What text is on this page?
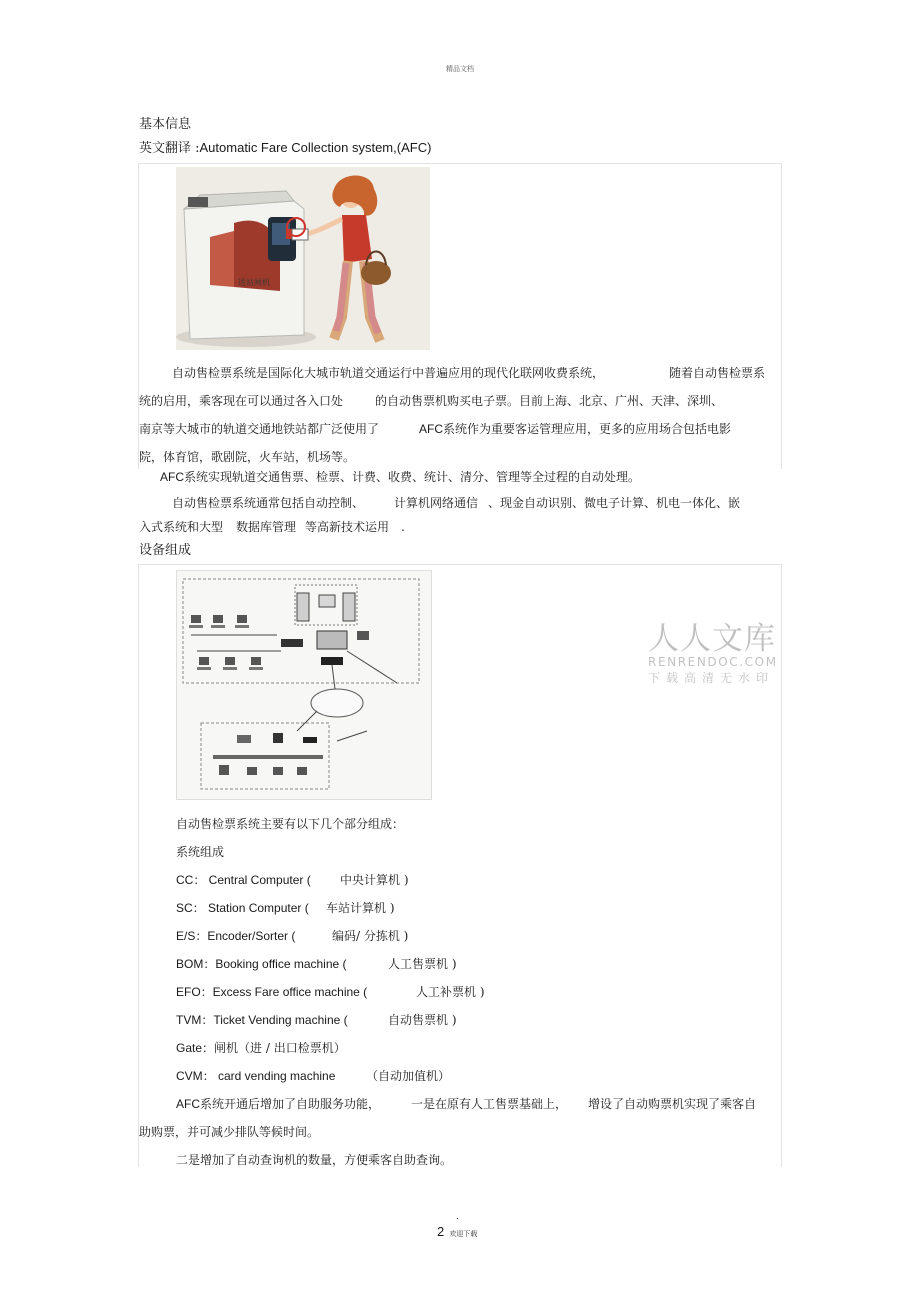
精品文档
基本信息
英文翻译 :Automatic Fare Collection system,(AFC)
进站闸机
自动售检票系统是国际化大城市轨道交通运行中普遍应用的现代化联网收费系统，	随着自动售检票系
统的启用，乘客现在可以通过各入口处	的自动售票机购买电子票。目前上海、北京、广州、天津、深圳、
南京等大城市的轨道交通地铁站都广泛使用了	AFC系统作为重要客运管理应用，更多的应用场合包括电影
院，体育馆，歌剧院，火车站，机场等。
AFC系统实现轨道交通售票、检票、计费、收费、统计、清分、管理等全过程的自动处理。
自动售检票系统通常包括自动控制、 计算机网络通信 、现金自动识别、微电子计算、机电一体化、嵌
入式系统和大型 数据库管理 等高新技术运用 .
设备组成
人人文库
RENRENDOC.COM
下载高清无水印
自动售检票系统主要有以下几个部分组成：
系统组成
CC： Central Computer ( 中央计算机 )
SC： Station Computer ( 车站计算机 )
E/S：Encoder/Sorter (	编码/ 分拣机 )
BOM：Booking office machine (	人工售票机 )
EFO：Excess Fare office machine (	人工补票机 )
TVM：Ticket Vending machine (	自动售票机 )
Gate：闸机（进 / 出口检票机）
CVM： card vending machine	（自动加值机）
AFC系统开通后增加了自助服务功能，	一是在原有人工售票基础上， 增设了自动购票机实现了乘客自
助购票，并可减少排队等候时间。
二是增加了自动查询机的数量，方便乘客自助查询。
.
2 欢迎下载
